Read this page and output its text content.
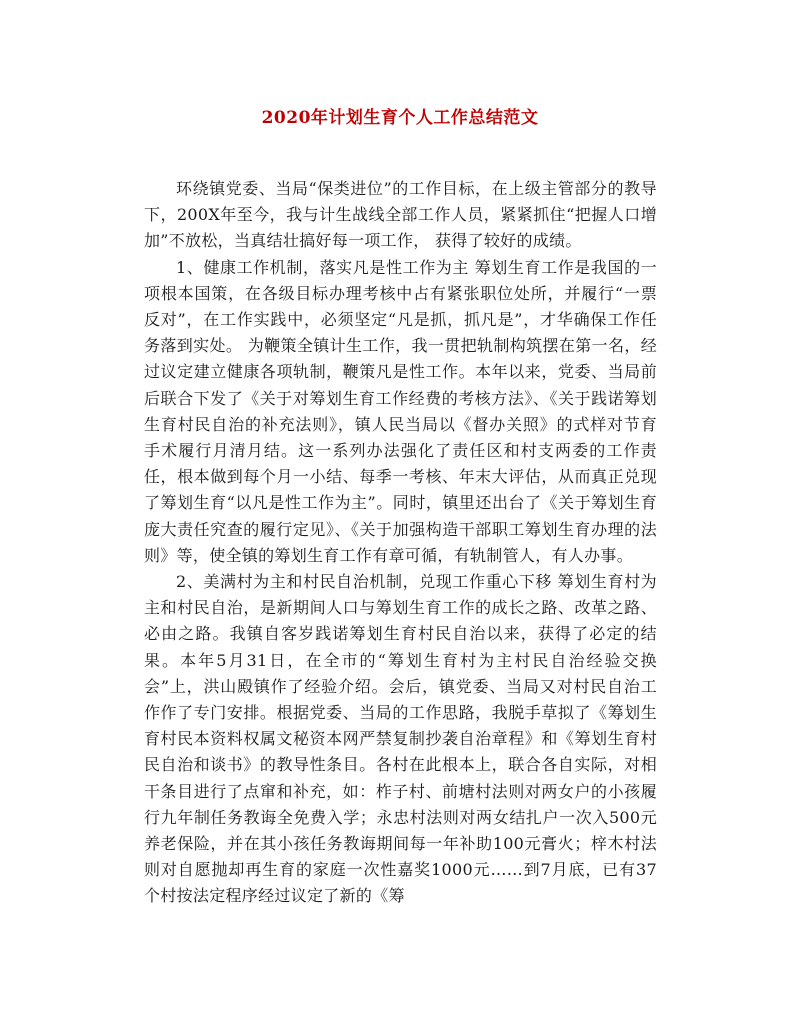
2020年计划生育个人工作总结范文

环绕镇党委、当局“保类进位”的工作目标，在上级主管部分的教导下，200X年至今，我与计生战线全部工作人员，紧紧抓住“把握人口增加”不放松，当真结壮搞好每一项工作， 获得了较好的成绩。

1、健康工作机制，落实凡是性工作为主 筹划生育工作是我国的一项根本国策，在各级目标办理考核中占有紧张职位处所，并履行“一票反对”，在工作实践中，必须坚定“凡是抓，抓凡是”，才华确保工作任务落到实处。 为鞭策全镇计生工作，我一贯把轨制构筑摆在第一名，经过议定建立健康各项轨制，鞭策凡是性工作。本年以来，党委、当局前后联合下发了《关于对筹划生育工作经费的考核方法》、《关于践诺筹划生育村民自治的补充法则》，镇人民当局以《督办关照》的式样对节育手术履行月清月结。这一系列办法强化了责任区和村支两委的工作责任，根本做到每个月一小结、每季一考核、年末大评估，从而真正兑现了筹划生育“以凡是性工作为主”。同时，镇里还出台了《关于筹划生育庞大责任究查的履行定见》、《关于加强构造干部职工筹划生育办理的法则》等，使全镇的筹划生育工作有章可循，有轨制管人，有人办事。

2、美满村为主和村民自治机制，兑现工作重心下移 筹划生育村为主和村民自治，是新期间人口与筹划生育工作的成长之路、改革之路、必由之路。我镇自客岁践诺筹划生育村民自治以来，获得了必定的结果。本年5月31日，在全市的“筹划生育村为主村民自治经验交换会”上，洪山殿镇作了经验介绍。会后，镇党委、当局又对村民自治工作作了专门安排。根据党委、当局的工作思路，我脱手草拟了《筹划生育村民本资料权属文秘资本网严禁复制抄袭自治章程》和《筹划生育村民自治和谈书》的教导性条目。各村在此根本上，联合各自实际，对相干条目进行了点窜和补充，如：柞子村、前塘村法则对两女户的小孩履行九年制任务教诲全免费入学；永忠村法则对两女结扎户一次入500元养老保险，并在其小孩任务教诲期间每一年补助100元膏火；梓木村法则对自愿抛却再生育的家庭一次性嘉奖1000元……到7月底，已有37个村按法定程序经过议定了新的《筹
